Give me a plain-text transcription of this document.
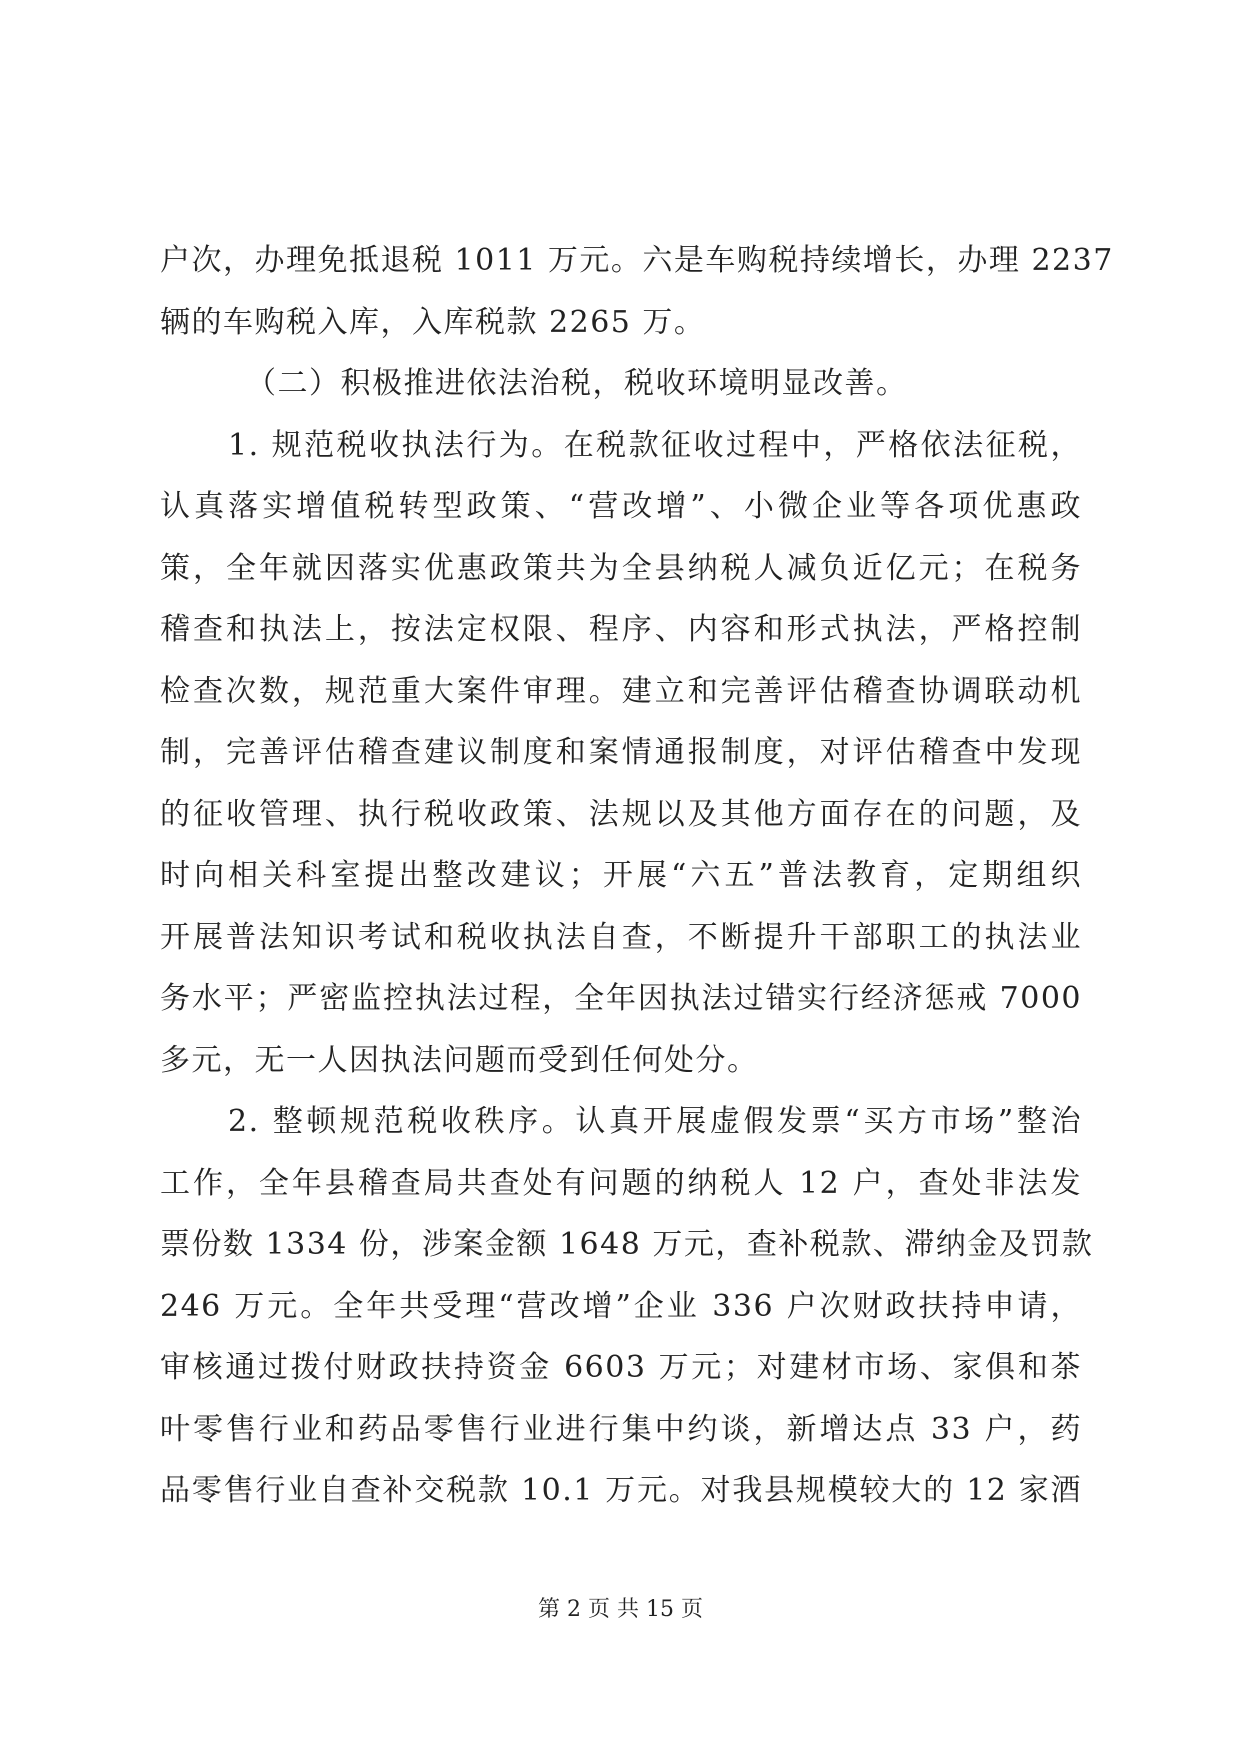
户次，办理免抵退税 1011 万元。六是车购税持续增长，办理 2237
辆的车购税入库，入库税款 2265 万。
（二）积极推进依法治税，税收环境明显改善。
1. 规范税收执法行为。在税款征收过程中，严格依法征税，
认真落实增值税转型政策、“营改增”、小微企业等各项优惠政
策，全年就因落实优惠政策共为全县纳税人减负近亿元；在税务
稽查和执法上，按法定权限、程序、内容和形式执法，严格控制
检查次数，规范重大案件审理。建立和完善评估稽查协调联动机
制，完善评估稽查建议制度和案情通报制度，对评估稽查中发现
的征收管理、执行税收政策、法规以及其他方面存在的问题，及
时向相关科室提出整改建议；开展“六五”普法教育，定期组织
开展普法知识考试和税收执法自查，不断提升干部职工的执法业
务水平；严密监控执法过程，全年因执法过错实行经济惩戒 7000
多元，无一人因执法问题而受到任何处分。
2. 整顿规范税收秩序。认真开展虚假发票“买方市场”整治
工作，全年县稽查局共查处有问题的纳税人 12 户，查处非法发
票份数 1334 份，涉案金额 1648 万元，查补税款、滞纳金及罚款
246 万元。全年共受理“营改增”企业 336 户次财政扶持申请，
审核通过拨付财政扶持资金 6603 万元；对建材市场、家俱和茶
叶零售行业和药品零售行业进行集中约谈，新增达点 33 户，药
品零售行业自查补交税款 10.1 万元。对我县规模较大的 12 家酒
第 2 页 共 15 页
